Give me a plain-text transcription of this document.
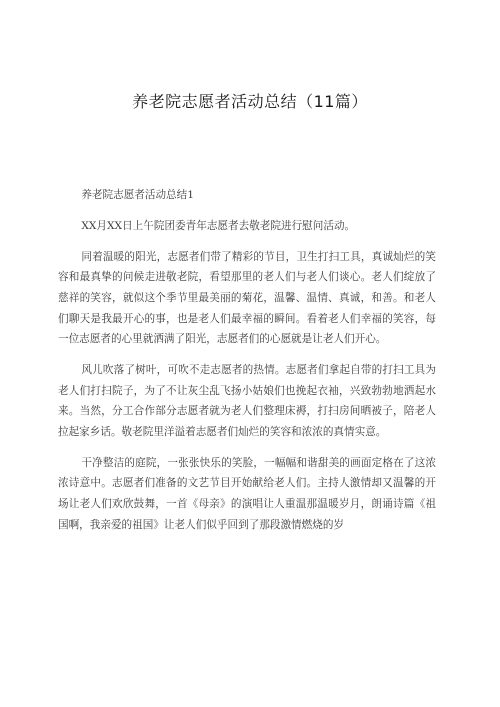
养老院志愿者活动总结（11篇）

养老院志愿者活动总结1

XX月XX日上午院团委青年志愿者去敬老院进行慰问活动。

同着温暖的阳光，志愿者们带了精彩的节目，卫生打扫工具，真诚灿烂的笑容和最真挚的问候走进敬老院，看望那里的老人们与老人们谈心。老人们绽放了慈祥的笑容，就似这个季节里最美丽的菊花，温馨、温情、真诚，和善。和老人们聊天是我最开心的事，也是老人们最幸福的瞬间。看着老人们幸福的笑容，每一位志愿者的心里就洒满了阳光，志愿者们的心愿就是让老人们开心。

风儿吹落了树叶，可吹不走志愿者的热情。志愿者们拿起自带的打扫工具为老人们打扫院子，为了不让灰尘乱飞扬小姑娘们也挽起衣袖，兴致勃勃地洒起水来。当然，分工合作部分志愿者就为老人们整理床褥，打扫房间晒被子，陪老人拉起家乡话。敬老院里洋溢着志愿者们灿烂的笑容和浓浓的真情实意。

干净整洁的庭院，一张张快乐的笑脸，一幅幅和谐甜美的画面定格在了这浓浓诗意中。志愿者们准备的文艺节目开始献给老人们。主持人激情却又温馨的开场让老人们欢欣鼓舞，一首《母亲》的演唱让人重温那温暖岁月，朗诵诗篇《祖国啊，我亲爱的祖国》让老人们似乎回到了那段激情燃烧的岁
